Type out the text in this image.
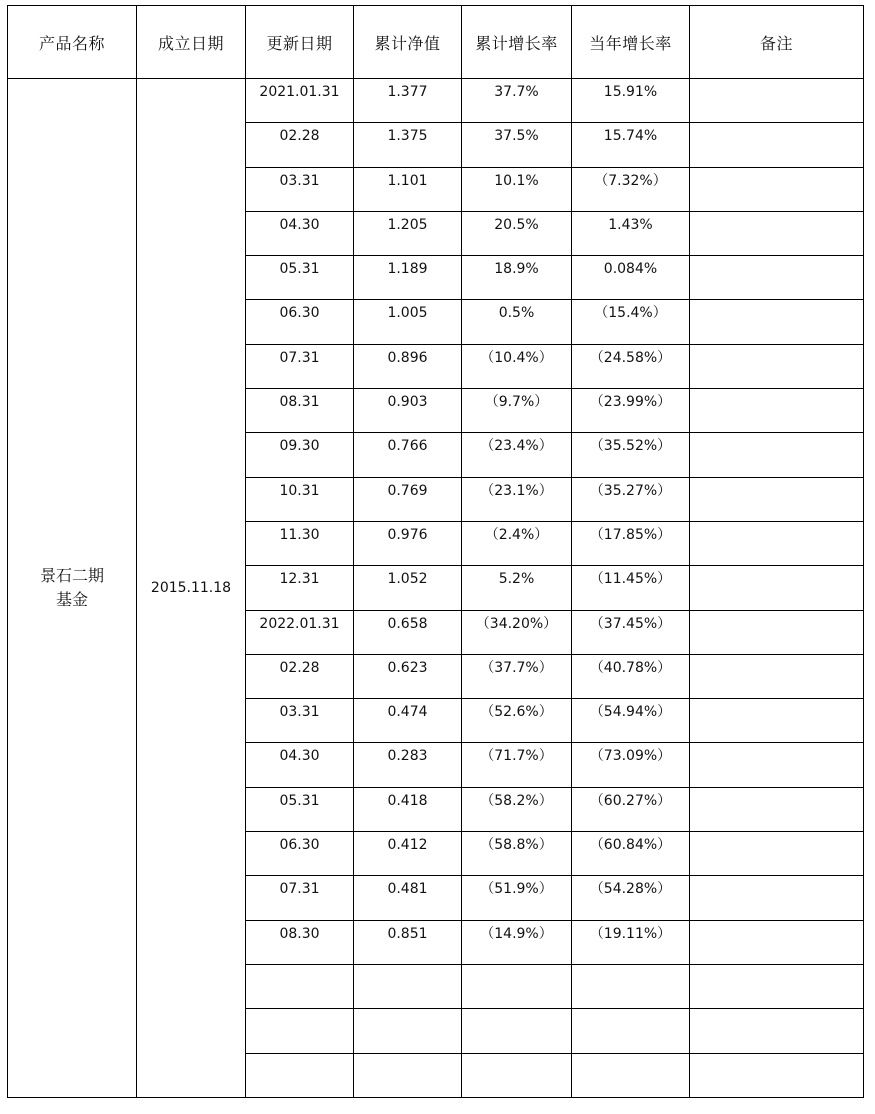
产品名称	成立日期	更新日期	累计净值	累计增长率	当年增长率	备注
景石二期
基金	2015.11.18	2021.01.31	1.377	37.7%	15.91%	
		02.28	1.375	37.5%	15.74%	
		03.31	1.101	10.1%	（7.32%）	
		04.30	1.205	20.5%	1.43%	
		05.31	1.189	18.9%	0.084%	
		06.30	1.005	0.5%	（15.4%）	
		07.31	0.896	（10.4%）	（24.58%）	
		08.31	0.903	（9.7%）	（23.99%）	
		09.30	0.766	（23.4%）	（35.52%）	
		10.31	0.769	（23.1%）	（35.27%）	
		11.30	0.976	（2.4%）	（17.85%）	
		12.31	1.052	5.2%	（11.45%）	
		2022.01.31	0.658	（34.20%）	（37.45%）	
		02.28	0.623	（37.7%）	（40.78%）	
		03.31	0.474	（52.6%）	（54.94%）	
		04.30	0.283	（71.7%）	（73.09%）	
		05.31	0.418	（58.2%）	（60.27%）	
		06.30	0.412	（58.8%）	（60.84%）	
		07.31	0.481	（51.9%）	（54.28%）	
		08.30	0.851	（14.9%）	（19.11%）	
